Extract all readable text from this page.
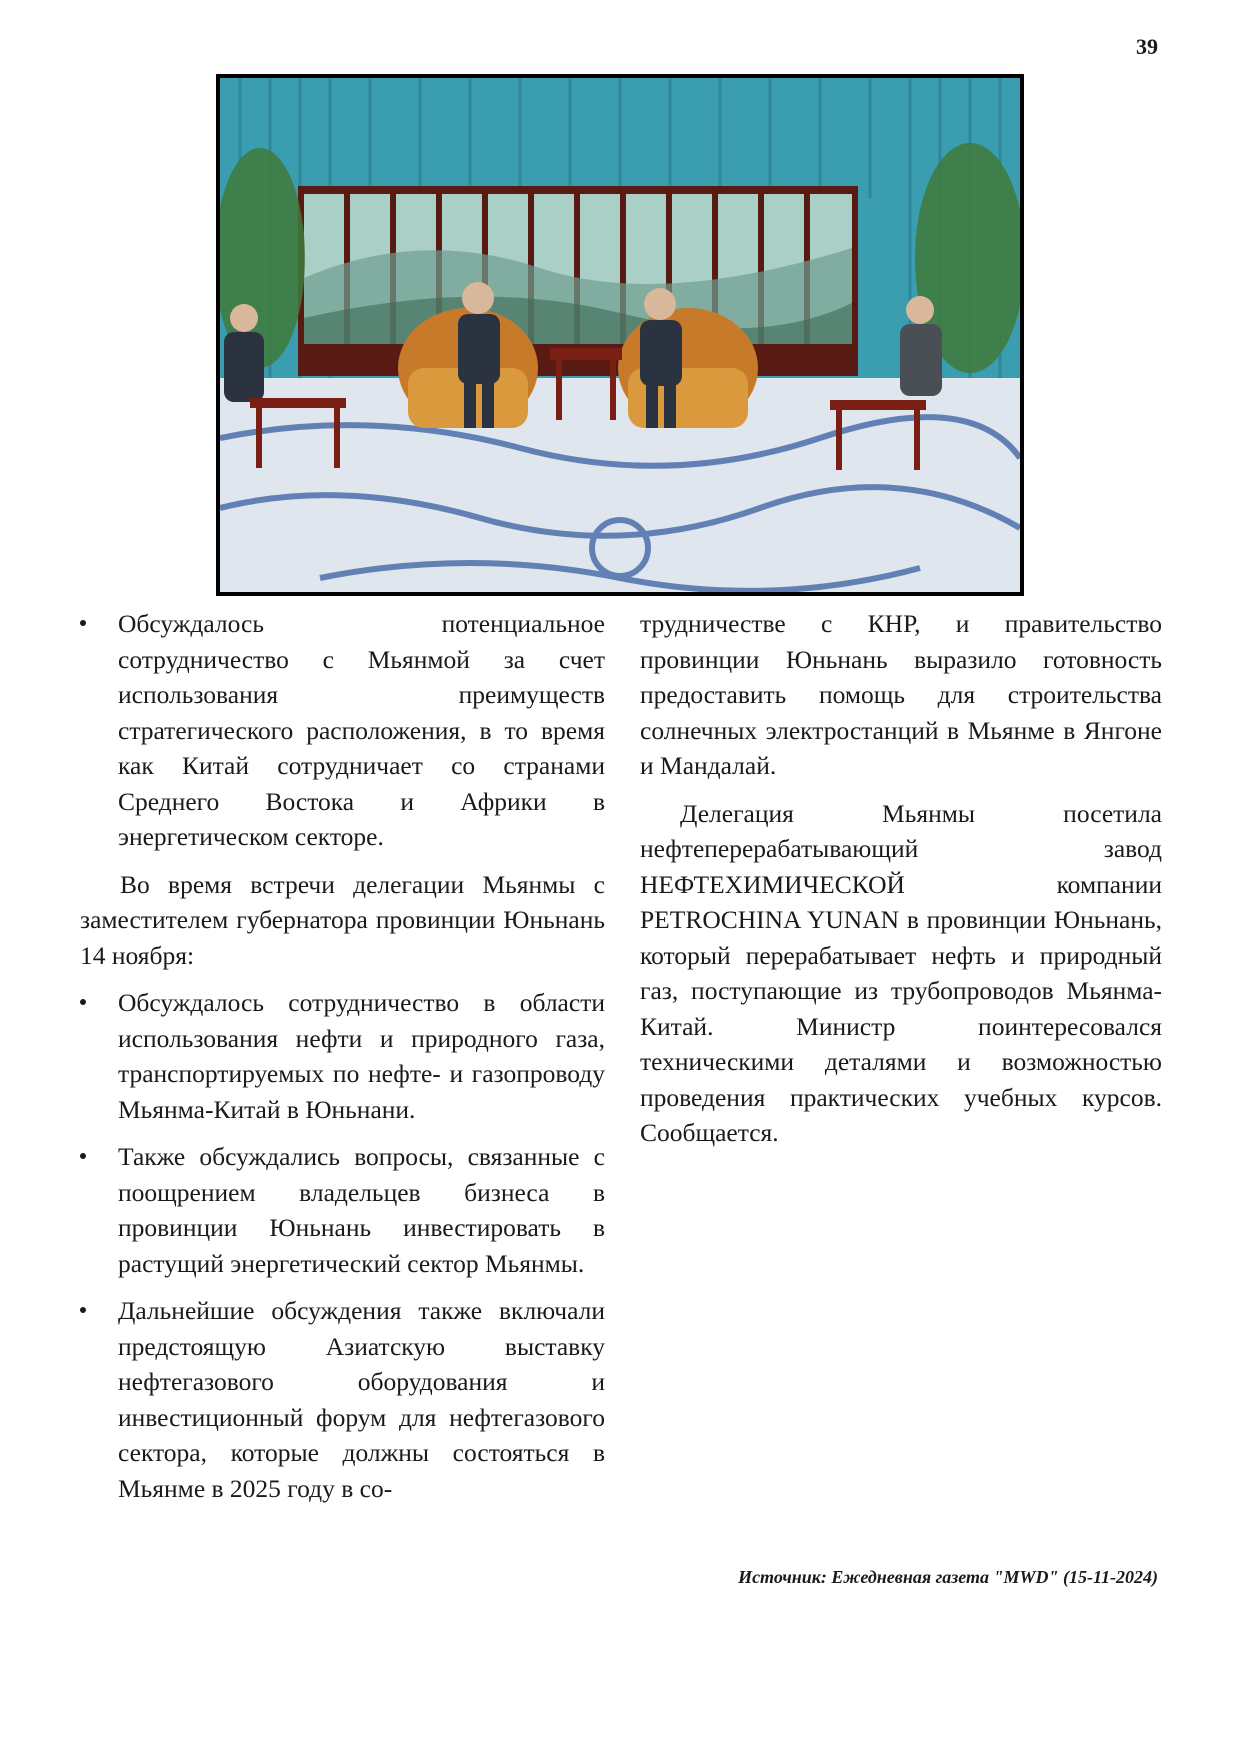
39
Обсуждалось потенциальное сотрудничество с Мьянмой за счет использования преимуществ стратегического расположения, в то время как Китай сотрудничает со странами Среднего Востока и Африки в энергетическом секторе.

Во время встречи делегации Мьянмы с заместителем губернатора провинции Юньнань 14 ноября:

Обсуждалось сотрудничество в области использования нефти и природного газа, транспортируемых по нефте- и газопроводу Мьянма-Китай в Юньнани.
Также обсуждались вопросы, связанные с поощрением владельцев бизнеса в провинции Юньнань инвестировать в растущий энергетический сектор Мьянмы.
Дальнейшие обсуждения также включали предстоящую Азиатскую выставку нефтегазового оборудования и инвестиционный форум для нефтегазового сектора, которые должны состояться в Мьянме в 2025 году в со-

трудничестве с КНР, и правительство провинции Юньнань выразило готовность предоставить помощь для строительства солнечных электростанций в Мьянме в Янгоне и Мандалай.

Делегация Мьянмы посетила нефтеперерабатывающий завод НЕФТЕХИМИЧЕСКОЙ компании PETROCHINA YUNAN в провинции Юньнань, который перерабатывает нефть и природный газ, поступающие из трубопроводов Мьянма-Китай. Министр поинтересовался техническими деталями и возможностью проведения практических учебных курсов. Сообщается.

Источник: Ежедневная газета "MWD" (15-11-2024)
